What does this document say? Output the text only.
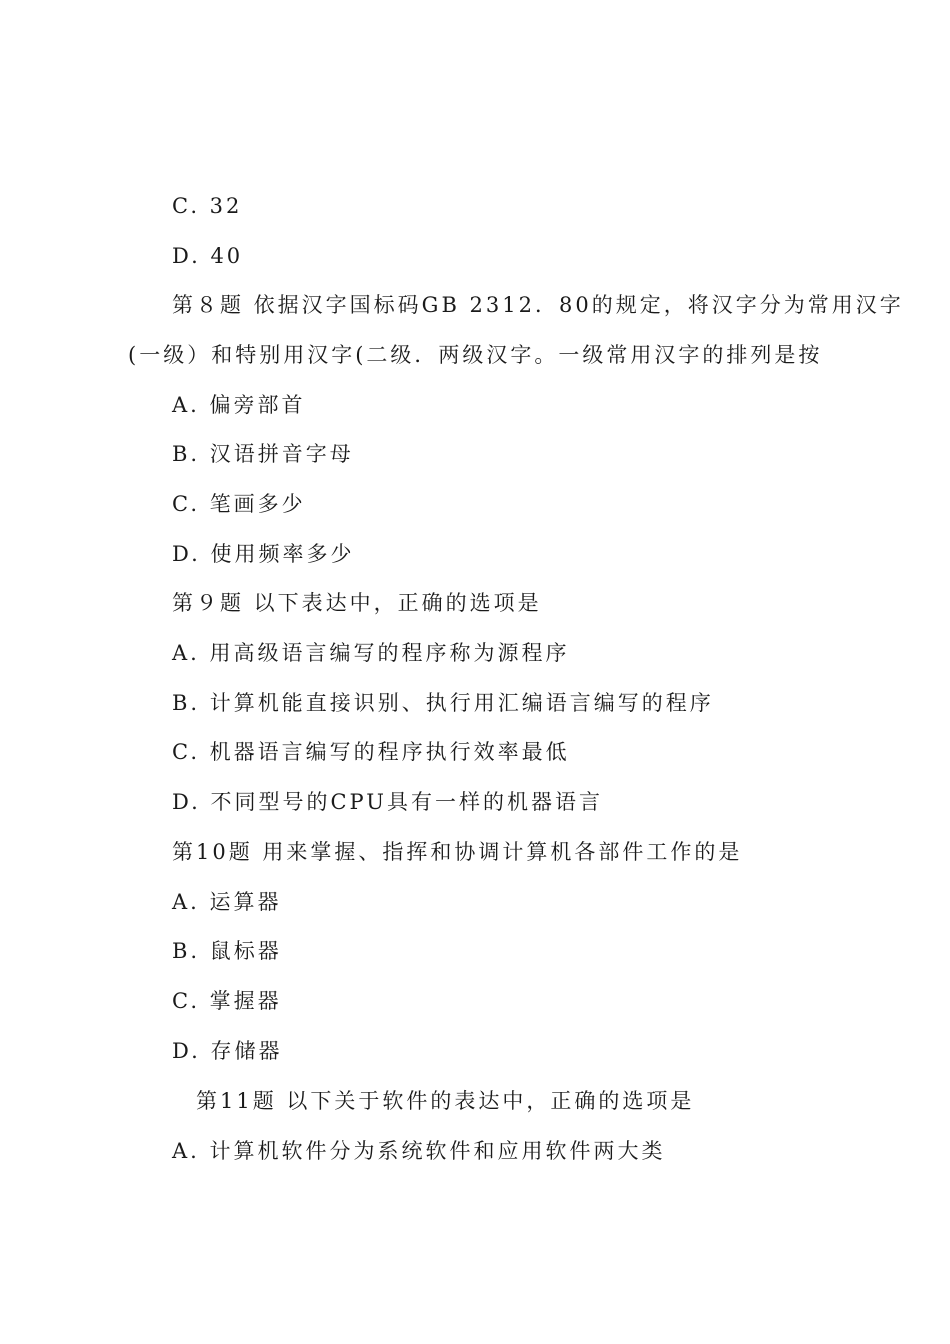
C. 32
D. 40
第８题 依据汉字国标码GB 2312．80的规定，将汉字分为常用汉字
(一级）和特别用汉字(二级．两级汉字。一级常用汉字的排列是按
A. 偏旁部首
B. 汉语拼音字母
C. 笔画多少
D. 使用频率多少
第９题 以下表达中，正确的选项是
A. 用高级语言编写的程序称为源程序
B. 计算机能直接识别、执行用汇编语言编写的程序
C. 机器语言编写的程序执行效率最低
D. 不同型号的CPU具有一样的机器语言
第10题 用来掌握、指挥和协调计算机各部件工作的是
A. 运算器
B. 鼠标器
C. 掌握器
D. 存储器
第11题 以下关于软件的表达中，正确的选项是
A. 计算机软件分为系统软件和应用软件两大类
